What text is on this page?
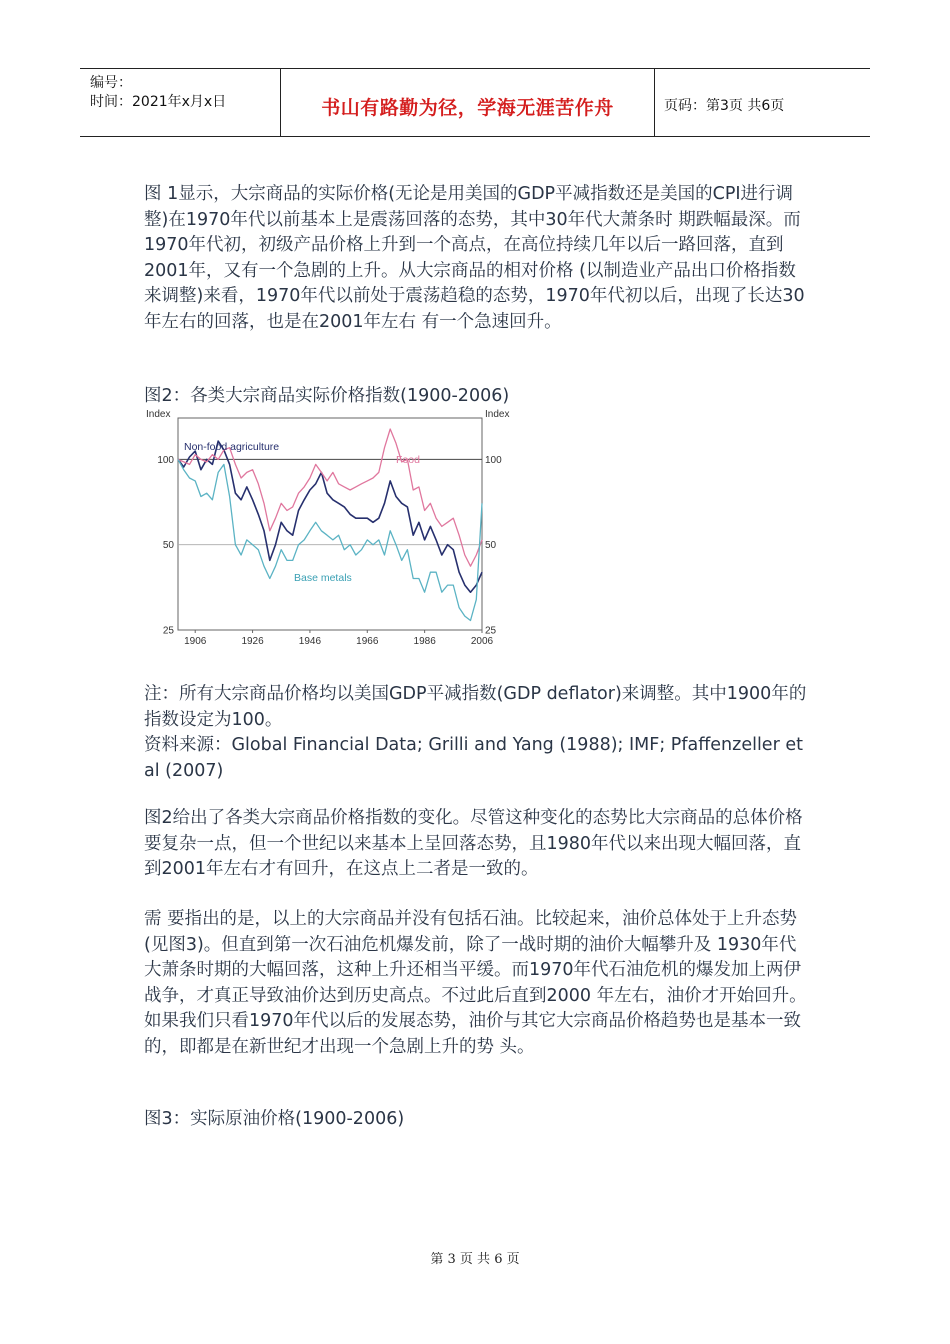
编号：
时间：2021年x月x日	书山有路勤为径，学海无涯苦作舟	页码：第3页 共6页

图 1显示，大宗商品的实际价格(无论是用美国的GDP平减指数还是美国的CPI进行调整)在1970年代以前基本上是震荡回落的态势，其中30年代大萧条时 期跌幅最深。而1970年代初，初级产品价格上升到一个高点，在高位持续几年以后一路回落，直到2001年，又有一个急剧的上升。从大宗商品的相对价格 (以制造业产品出口价格指数来调整)来看，1970年代以前处于震荡趋稳的态势，1970年代初以后，出现了长达30年左右的回落，也是在2001年左右 有一个急速回升。

图2：各类大宗商品实际价格指数(1900-2006)
25	25
50	50
100	100
1906	1926	1946	1966	1986	2006
Index	Index
Non-food agriculture
Food
Base metals
注：所有大宗商品价格均以美国GDP平减指数(GDP deflator)来调整。其中1900年的指数设定为100。
资料来源：Global Financial Data; Grilli and Yang (1988); IMF; Pfaffenzeller et al (2007)

图2给出了各类大宗商品价格指数的变化。尽管这种变化的态势比大宗商品的总体价格要复杂一点，但一个世纪以来基本上呈回落态势，且1980年代以来出现大幅回落，直到2001年左右才有回升，在这点上二者是一致的。

需 要指出的是，以上的大宗商品并没有包括石油。比较起来，油价总体处于上升态势(见图3)。但直到第一次石油危机爆发前，除了一战时期的油价大幅攀升及 1930年代大萧条时期的大幅回落，这种上升还相当平缓。而1970年代石油危机的爆发加上两伊战争，才真正导致油价达到历史高点。不过此后直到2000 年左右，油价才开始回升。如果我们只看1970年代以后的发展态势，油价与其它大宗商品价格趋势也是基本一致的，即都是在新世纪才出现一个急剧上升的势 头。

图3：实际原油价格(1900-2006)
第 3 页 共 6 页
